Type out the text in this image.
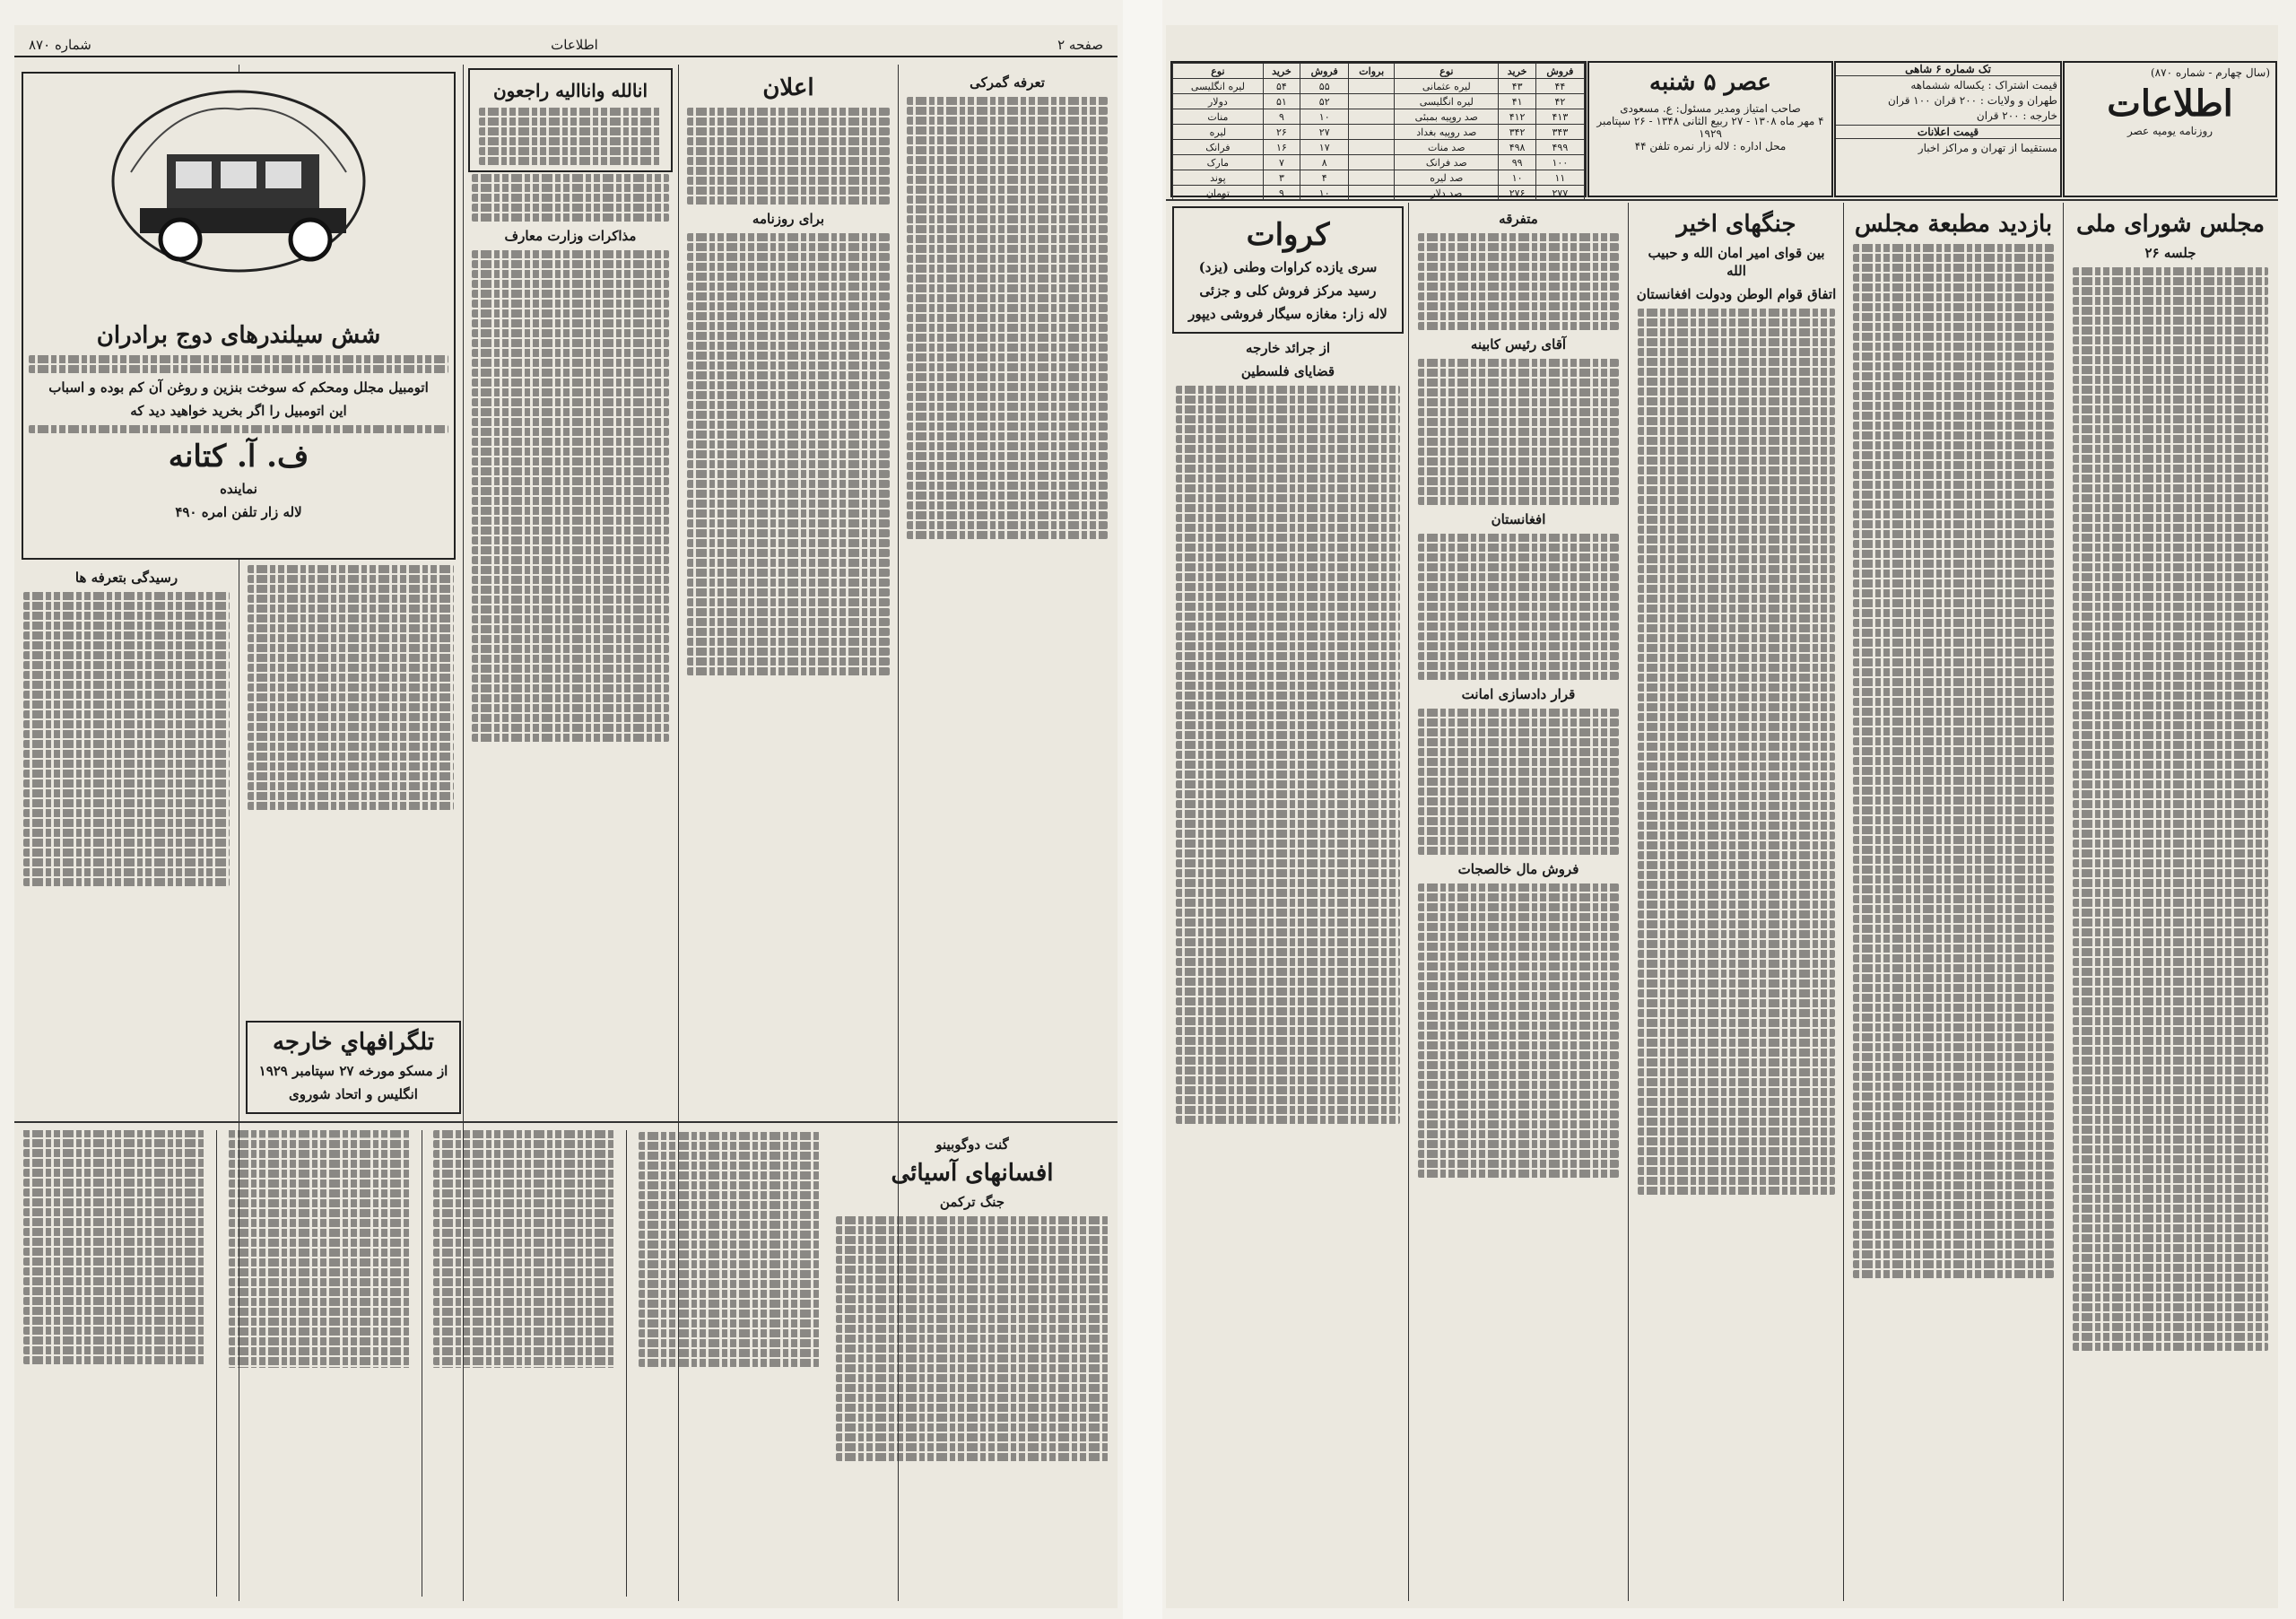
شماره ۸۷۰	اطلاعات	صفحه ۲
شش سیلندرهای دوج برادران
اتومبیل مجلل ومحکم که سوخت بنزین و روغن آن کم بوده و اسباب
این اتومبیل را اگر بخرید خواهید دید که
ف. آ. کتانه
نماینده
لاله زار تلفن امره ۴۹۰
رسیدگی بتعرفه ها
تلگرافهاي خارجه
از مسکو مورخه ۲۷ سپتامبر ۱۹۲۹
انگلیس و اتحاد شوروی
انالله وانااليه راجعون
مذاکرات وزارت معارف
اعلان
برای روزنامه
تعرفه گمرکی
گنت دوگوبینو
افسانهای آسیائی
جنگ ترکمن
(سال چهارم - شماره ۸۷۰)
اطلاعات
روزنامه یومیه عصر
تک شماره ۶ شاهی
قیمت اشتراک : یکساله ششماهه
طهران و ولایات : ۲۰۰ قران ۱۰۰ قران
خارجه : ۲۰۰ قران
قیمت اعلانات
مستقیما از تهران و مراکز اخبار
عصر ۵ شنبه
صاحب امتیاز ومدیر مسئول: ع. مسعودی
۴ مهر ماه ۱۳۰۸ - ۲۷ ربیع الثانی ۱۳۴۸ - ۲۶ سپتامبر ۱۹۲۹
محل اداره : لاله زار نمره تلفن ۴۴
فروش	خرید	نوع	بروات	فروش	خرید	نوع
۴۴	۴۳	لیره عثمانی		۵۵	۵۴	لیره انگلیسی
۴۲	۴۱	لیره انگلیسی		۵۲	۵۱	دولار
۴۱۳	۴۱۲	صد روپیه بمبئی		۱۰	۹	منات
۳۴۳	۳۴۲	صد روپیه بغداد		۲۷	۲۶	ليره
۴۹۹	۴۹۸	صد منات		۱۷	۱۶	فرانک
۱۰۰	۹۹	صد فرانک		۸	۷	مارک
۱۱	۱۰	صد لیره		۴	۳	پوند
۲۷۷	۲۷۶	صد دلار		۱۰	۹	تومان
مجلس شورای ملی
جلسه ۲۶
بازدید مطبعة مجلس
جنگهای اخیر
بین قوای امیر امان الله و حبیب الله
اتفاق قوام الوطن ودولت افغانستان
متفرقه
آقای رئیس کابینه
افغانستان
قرار دادسازی امانت
فروش مال خالصجات
کروات
سری یازده کراوات وطنی (یزد)
رسید مرکز فروش کلی و جزئی
لاله زار: مغازه سیگار فروشی دیپور
از جرائد خارجه
قضایای فلسطین
